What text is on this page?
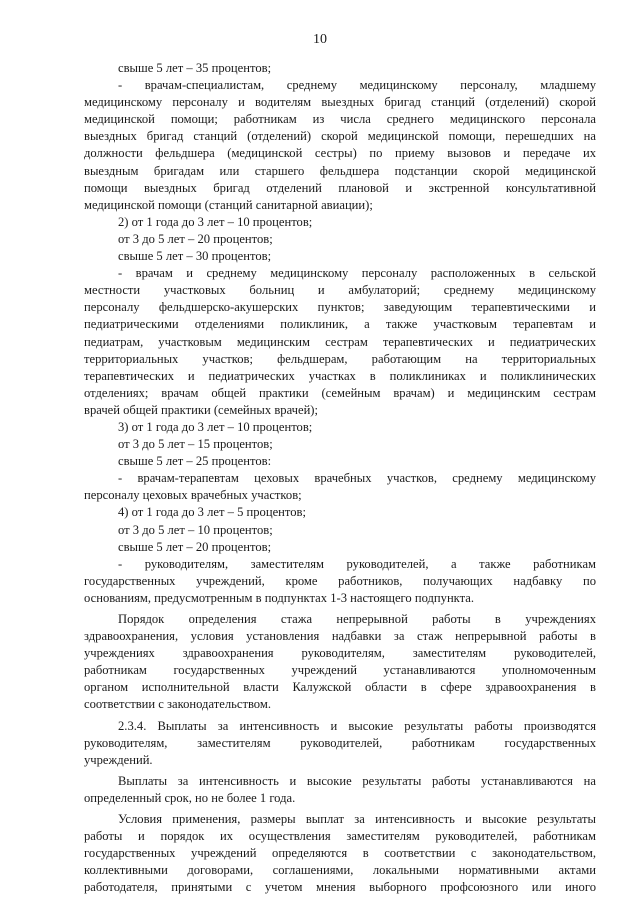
10

свыше 5 лет – 35 процентов;

- врачам-специалистам, среднему медицинскому персоналу, младшему

медицинскому персоналу и водителям выездных бригад станций (отделений) скорой

медицинской помощи; работникам из числа среднего медицинского персонала

выездных бригад станций (отделений) скорой медицинской помощи, перешедших на

должности фельдшера (медицинской сестры) по приему вызовов и передаче их

выездным бригадам или старшего фельдшера подстанции скорой медицинской

помощи выездных бригад отделений плановой и экстренной консультативной

медицинской помощи (станций санитарной авиации);

2) от 1 года до 3 лет – 10 процентов;

от 3 до 5 лет – 20 процентов;

свыше 5 лет – 30 процентов;

- врачам и среднему медицинскому персоналу расположенных в сельской

местности участковых больниц и амбулаторий; среднему медицинскому

персоналу фельдшерско-акушерских пунктов; заведующим терапевтическими и

педиатрическими отделениями поликлиник, а также участковым терапевтам и

педиатрам, участковым медицинским сестрам терапевтических и педиатрических

территориальных участков; фельдшерам, работающим на территориальных

терапевтических и педиатрических участках в поликлиниках и поликлинических

отделениях; врачам общей практики (семейным врачам) и медицинским сестрам

врачей общей практики (семейных врачей);

3) от 1 года до 3 лет – 10 процентов;

от 3 до 5 лет – 15 процентов;

свыше 5 лет – 25 процентов:

- врачам-терапевтам цеховых врачебных участков, среднему медицинскому

персоналу цеховых врачебных участков;

4) от 1 года до 3 лет – 5 процентов;

от 3 до 5 лет – 10 процентов;

свыше 5 лет – 20 процентов;

- руководителям, заместителям руководителей, а также работникам

государственных учреждений, кроме работников, получающих надбавку по

основаниям, предусмотренным в подпунктах 1-3 настоящего подпункта.

Порядок определения стажа непрерывной работы в учреждениях

здравоохранения, условия установления надбавки за стаж непрерывной работы в

учреждениях здравоохранения руководителям, заместителям руководителей,

работникам государственных учреждений устанавливаются уполномоченным

органом исполнительной власти Калужской области в сфере здравоохранения в

соответствии с законодательством.

2.3.4. Выплаты за интенсивность и высокие результаты работы производятся

руководителям, заместителям руководителей, работникам государственных

учреждений.

Выплаты за интенсивность и высокие результаты работы устанавливаются на

определенный срок, но не более 1 года.

Условия применения, размеры выплат за интенсивность и высокие результаты

работы и порядок их осуществления заместителям руководителей, работникам

государственных учреждений определяются в соответствии с законодательством,

коллективными договорами, соглашениями, локальными нормативными актами

работодателя, принятыми с учетом мнения выборного профсоюзного или иного
